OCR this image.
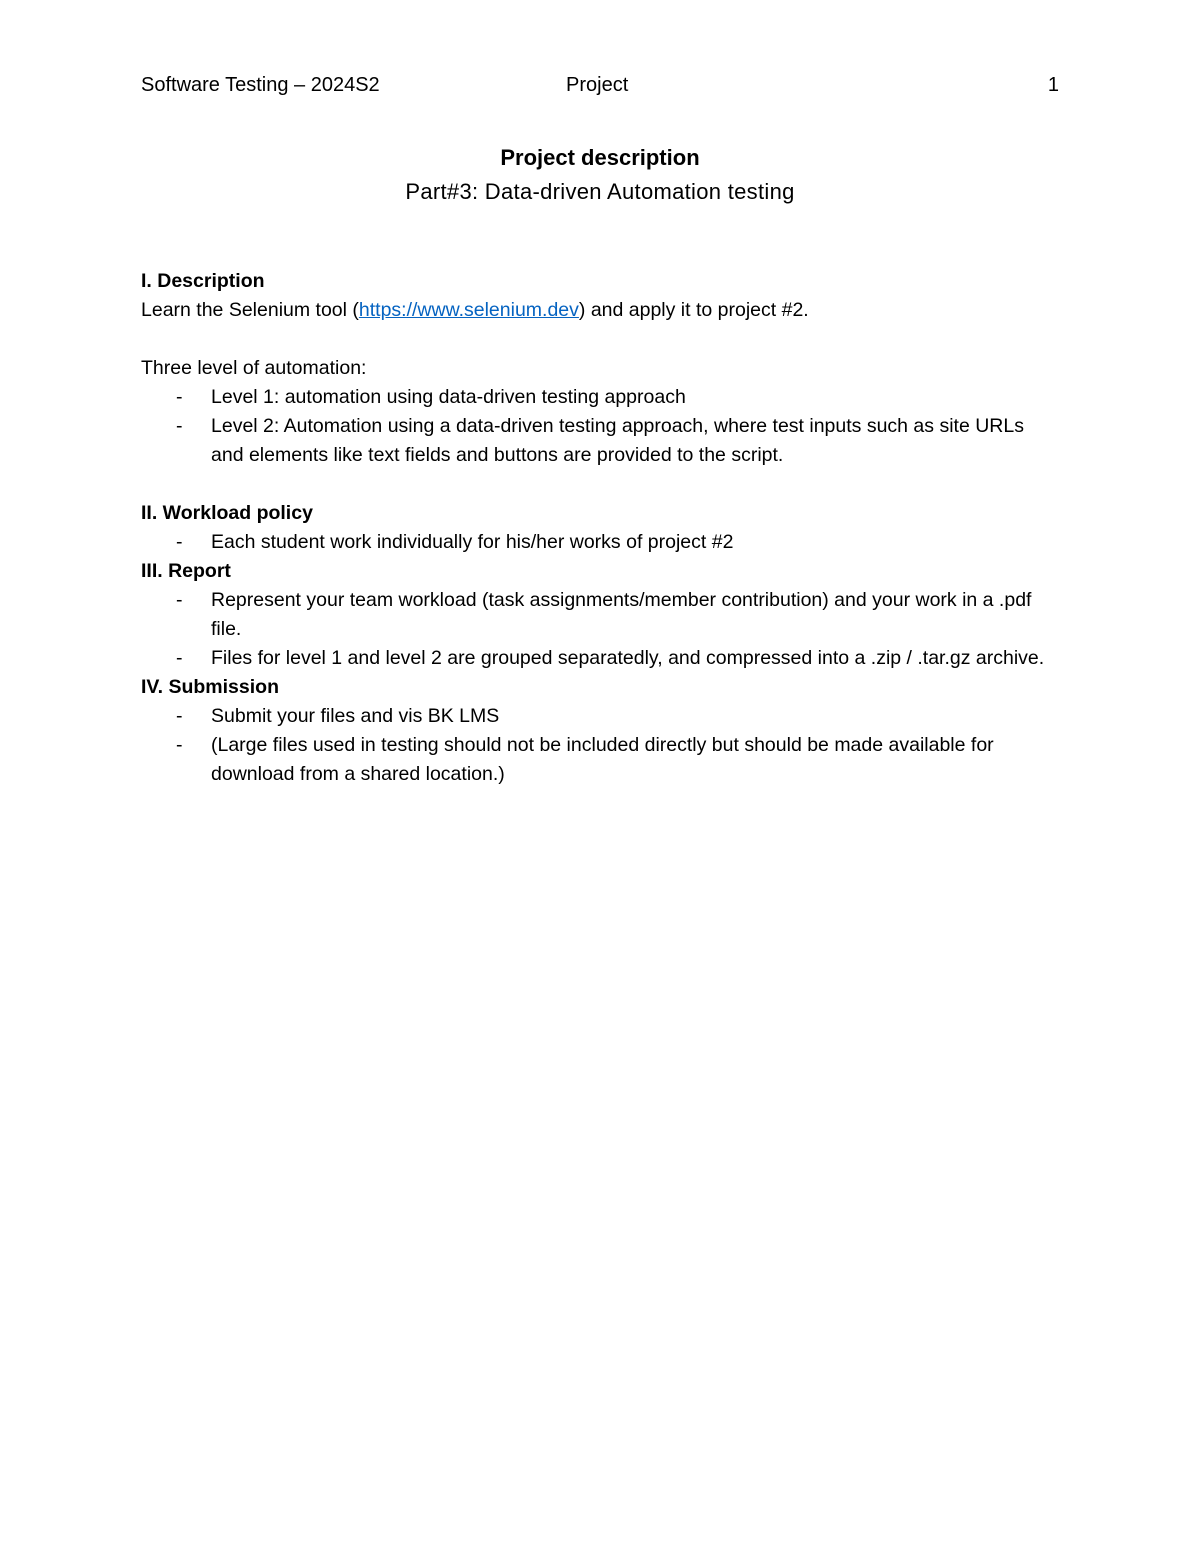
Software Testing – 2024S2	Project	1

Project description

Part#3: Data-driven Automation testing

I. Description

Learn the Selenium tool (https://www.selenium.dev) and apply it to project #2.

Three level of automation:

- Level 1: automation using data-driven testing approach
- Level 2: Automation using a data-driven testing approach, where test inputs such as site URLs and elements like text fields and buttons are provided to the script.

II. Workload policy

- Each student work individually for his/her works of project #2

III. Report

- Represent your team workload (task assignments/member contribution) and your work in a .pdf file.
- Files for level 1 and level 2 are grouped separatedly, and compressed into a .zip / .tar.gz archive.

IV. Submission

- Submit your files and vis BK LMS
- (Large files used in testing should not be included directly but should be made available for download from a shared location.)
